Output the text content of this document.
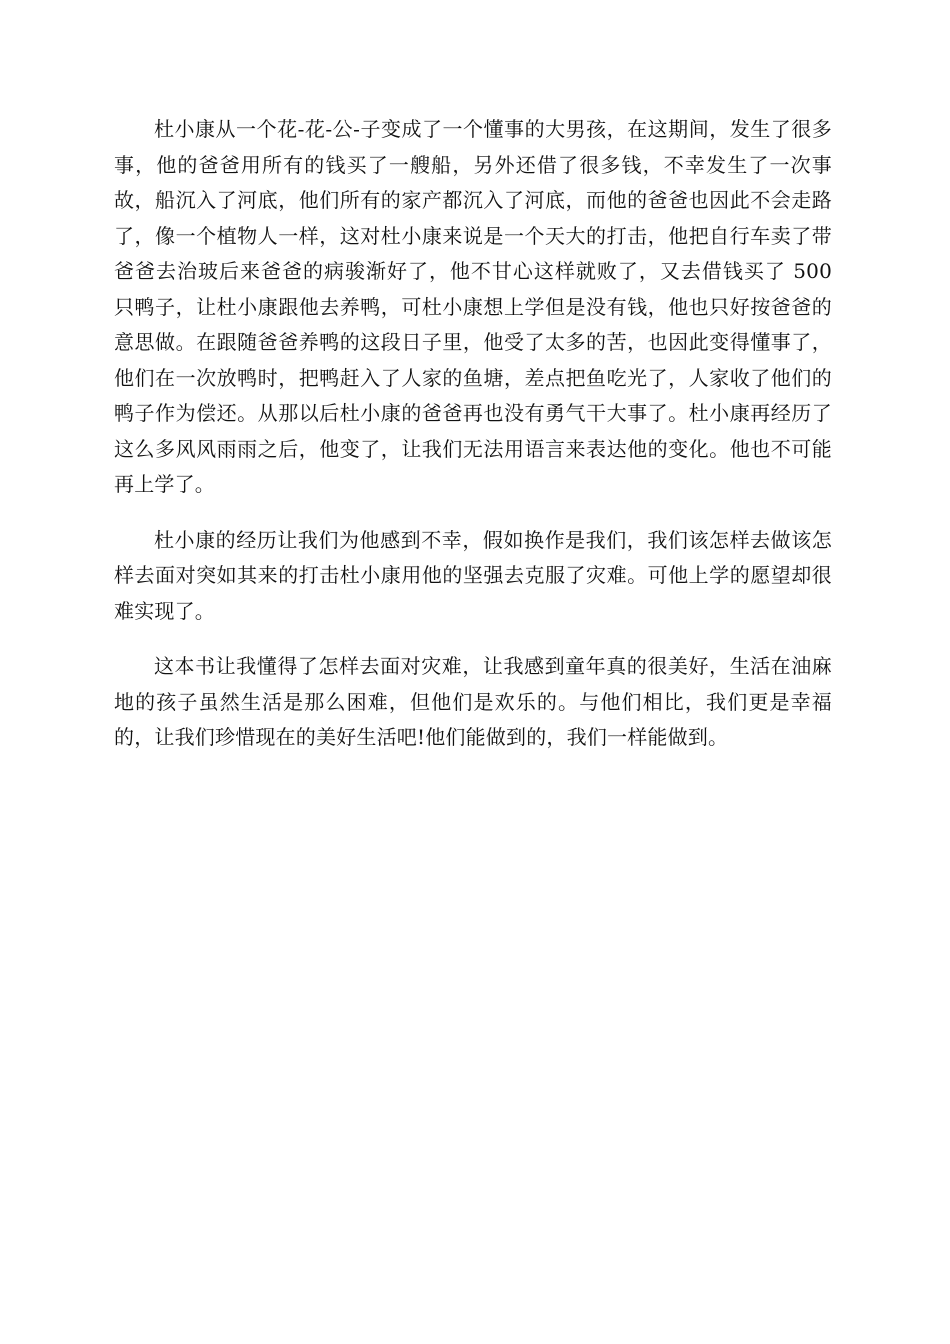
杜小康从一个花-花-公-子变成了一个懂事的大男孩，在这期间，发生了很多事，他的爸爸用所有的钱买了一艘船，另外还借了很多钱，不幸发生了一次事故，船沉入了河底，他们所有的家产都沉入了河底，而他的爸爸也因此不会走路了，像一个植物人一样，这对杜小康来说是一个天大的打击，他把自行车卖了带爸爸去治玻后来爸爸的病骏渐好了，他不甘心这样就败了，又去借钱买了 500 只鸭子，让杜小康跟他去养鸭，可杜小康想上学但是没有钱，他也只好按爸爸的意思做。在跟随爸爸养鸭的这段日子里，他受了太多的苦，也因此变得懂事了，他们在一次放鸭时，把鸭赶入了人家的鱼塘，差点把鱼吃光了，人家收了他们的鸭子作为偿还。从那以后杜小康的爸爸再也没有勇气干大事了。杜小康再经历了这么多风风雨雨之后，他变了，让我们无法用语言来表达他的变化。他也不可能再上学了。

杜小康的经历让我们为他感到不幸，假如换作是我们，我们该怎样去做该怎样去面对突如其来的打击杜小康用他的坚强去克服了灾难。可他上学的愿望却很难实现了。

这本书让我懂得了怎样去面对灾难，让我感到童年真的很美好，生活在油麻地的孩子虽然生活是那么困难，但他们是欢乐的。与他们相比，我们更是幸福的，让我们珍惜现在的美好生活吧!他们能做到的，我们一样能做到。
